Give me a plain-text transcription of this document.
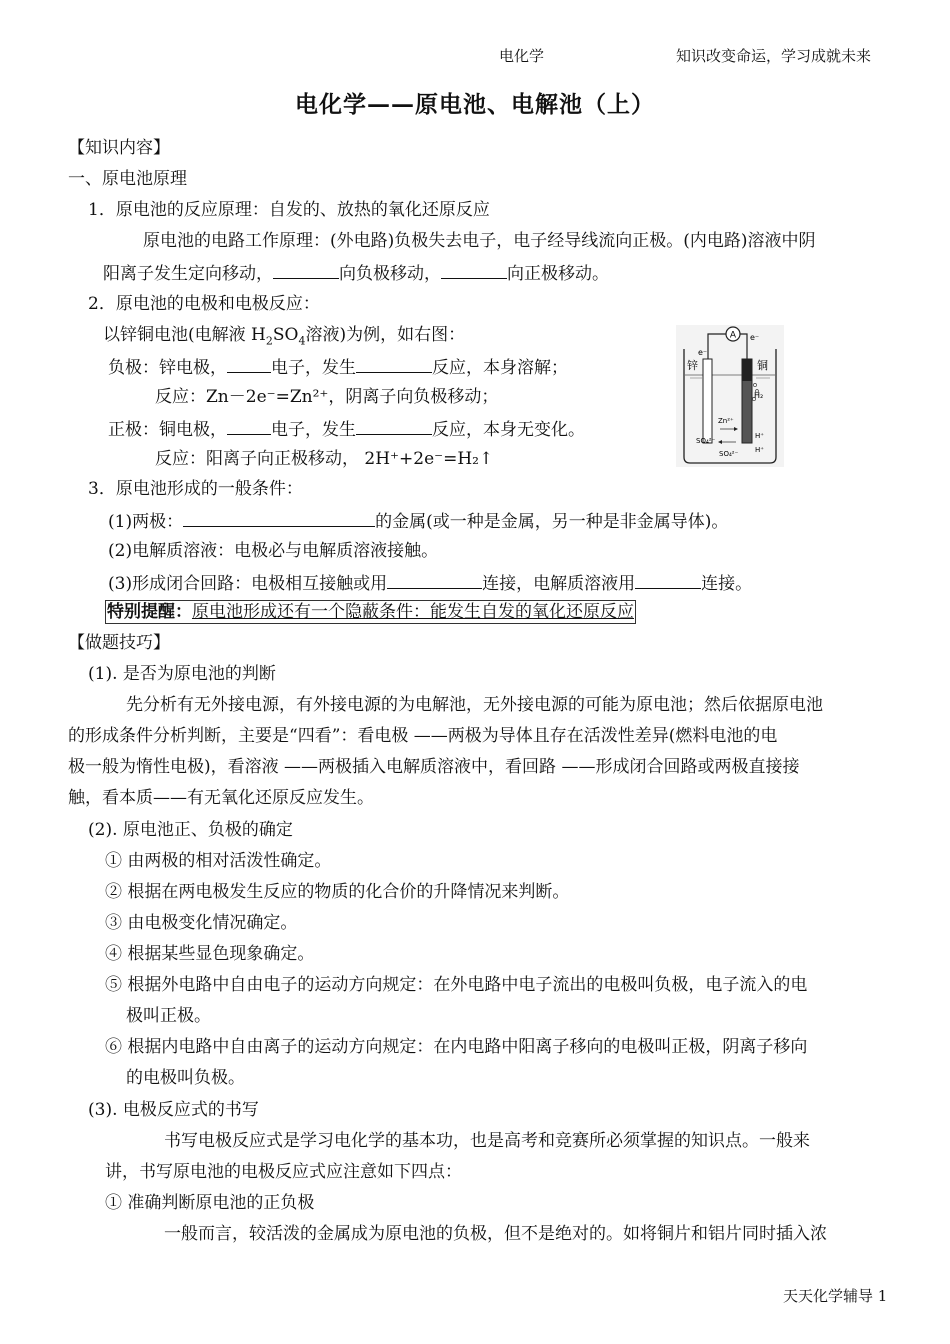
电化学	知识改变命运，学习成就未来
电化学——原电池、电解池（上）
【知识内容】
一、原电池原理
1．原电池的反应原理：自发的、放热的氧化还原反应
原电池的电路工作原理：(外电路)负极失去电子，电子经导线流向正极。(内电路)溶液中阴
阳离子发生定向移动，	向负极移动，	向正极移动。
2．原电池的电极和电极反应：
以锌铜电池(电解液 $H_2SO_4$溶液)为例，如右图：
负极：锌电极，	电子，发生	反应，本身溶解；
反应：Zn－2e⁻=Zn²⁺，阴离子向负极移动；
正极：铜电极，	电子，发生	反应，本身无变化。
反应：阳离子向正极移动， 2H⁺+2e⁻=H₂↑
A e⁻
e⁻
锌	铜
H₂
Zn²⁺
SO₄²⁻
SO₄²⁻
H⁺
H⁺
3．原电池形成的一般条件：
(1)两极：	的金属(或一种是金属，另一种是非金属导体)。
(2)电解质溶液：电极必与电解质溶液接触。
(3)形成闭合回路：电极相互接触或用	连接，电解质溶液用	连接。
特别提醒：原电池形成还有一个隐蔽条件：能发生自发的氧化还原反应
【做题技巧】
(1). 是否为原电池的判断
先分析有无外接电源，有外接电源的为电解池，无外接电源的可能为原电池；然后依据原电池
的形成条件分析判断，主要是“四看”：看电极 ——两极为导体且存在活泼性差异(燃料电池的电
极一般为惰性电极)，看溶液 ——两极插入电解质溶液中，看回路 ——形成闭合回路或两极直接接
触，看本质——有无氧化还原反应发生。
(2). 原电池正、负极的确定
① 由两极的相对活泼性确定。
② 根据在两电极发生反应的物质的化合价的升降情况来判断。
③ 由电极变化情况确定。
④ 根据某些显色现象确定。
⑤ 根据外电路中自由电子的运动方向规定：在外电路中电子流出的电极叫负极，电子流入的电
极叫正极。
⑥ 根据内电路中自由离子的运动方向规定：在内电路中阳离子移向的电极叫正极，阴离子移向
的电极叫负极。
(3). 电极反应式的书写
书写电极反应式是学习电化学的基本功，也是高考和竞赛所必须掌握的知识点。一般来
讲，书写原电池的电极反应式应注意如下四点：
① 准确判断原电池的正负极
一般而言，较活泼的金属成为原电池的负极，但不是绝对的。如将铜片和铝片同时插入浓
天天化学辅导 1
